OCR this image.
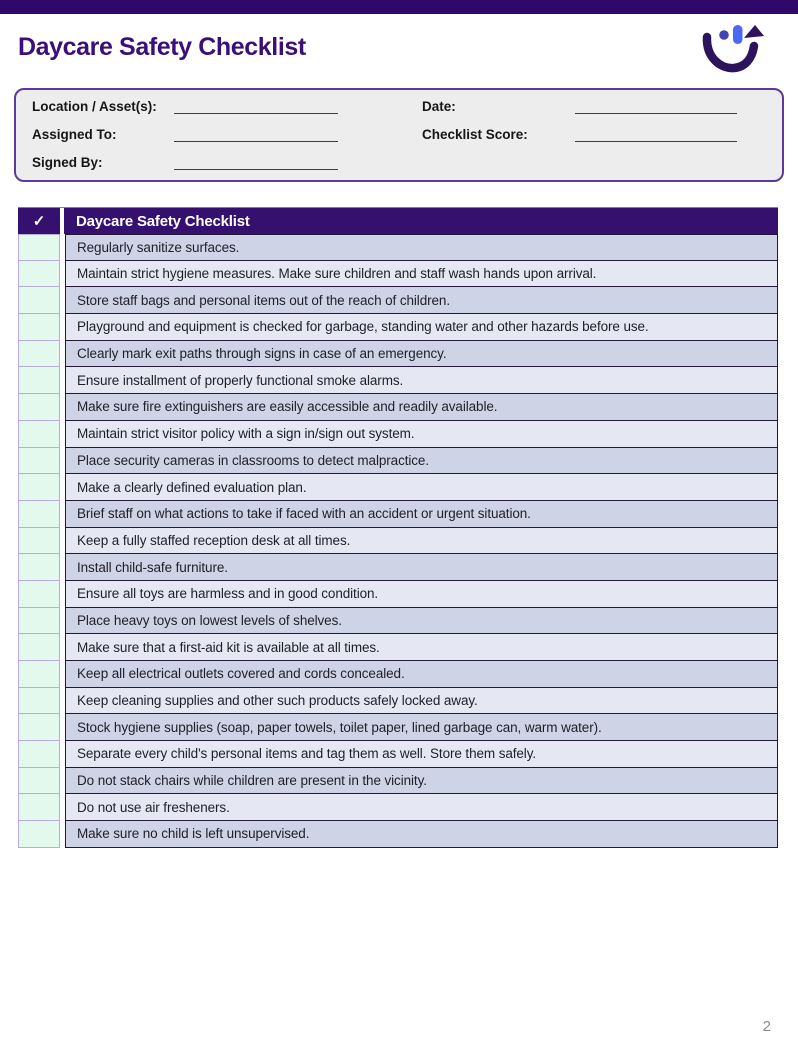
Daycare Safety Checklist
Location / Asset(s):	Date:
Assigned To:	Checklist Score:
Signed By:
✓	Daycare Safety Checklist
Regularly sanitize surfaces.
Maintain strict hygiene measures. Make sure children and staff wash hands upon arrival.
Store staff bags and personal items out of the reach of children.
Playground and equipment is checked for garbage, standing water and other hazards before use.
Clearly mark exit paths through signs in case of an emergency.
Ensure installment of properly functional smoke alarms.
Make sure fire extinguishers are easily accessible and readily available.
Maintain strict visitor policy with a sign in/sign out system.
Place security cameras in classrooms to detect malpractice.
Make a clearly defined evaluation plan.
Brief staff on what actions to take if faced with an accident or urgent situation.
Keep a fully staffed reception desk at all times.
Install child-safe furniture.
Ensure all toys are harmless and in good condition.
Place heavy toys on lowest levels of shelves.
Make sure that a first-aid kit is available at all times.
Keep all electrical outlets covered and cords concealed.
Keep cleaning supplies and other such products safely locked away.
Stock hygiene supplies (soap, paper towels, toilet paper, lined garbage can, warm water).
Separate every child's personal items and tag them as well. Store them safely.
Do not stack chairs while children are present in the vicinity.
Do not use air fresheners.
Make sure no child is left unsupervised.
2
